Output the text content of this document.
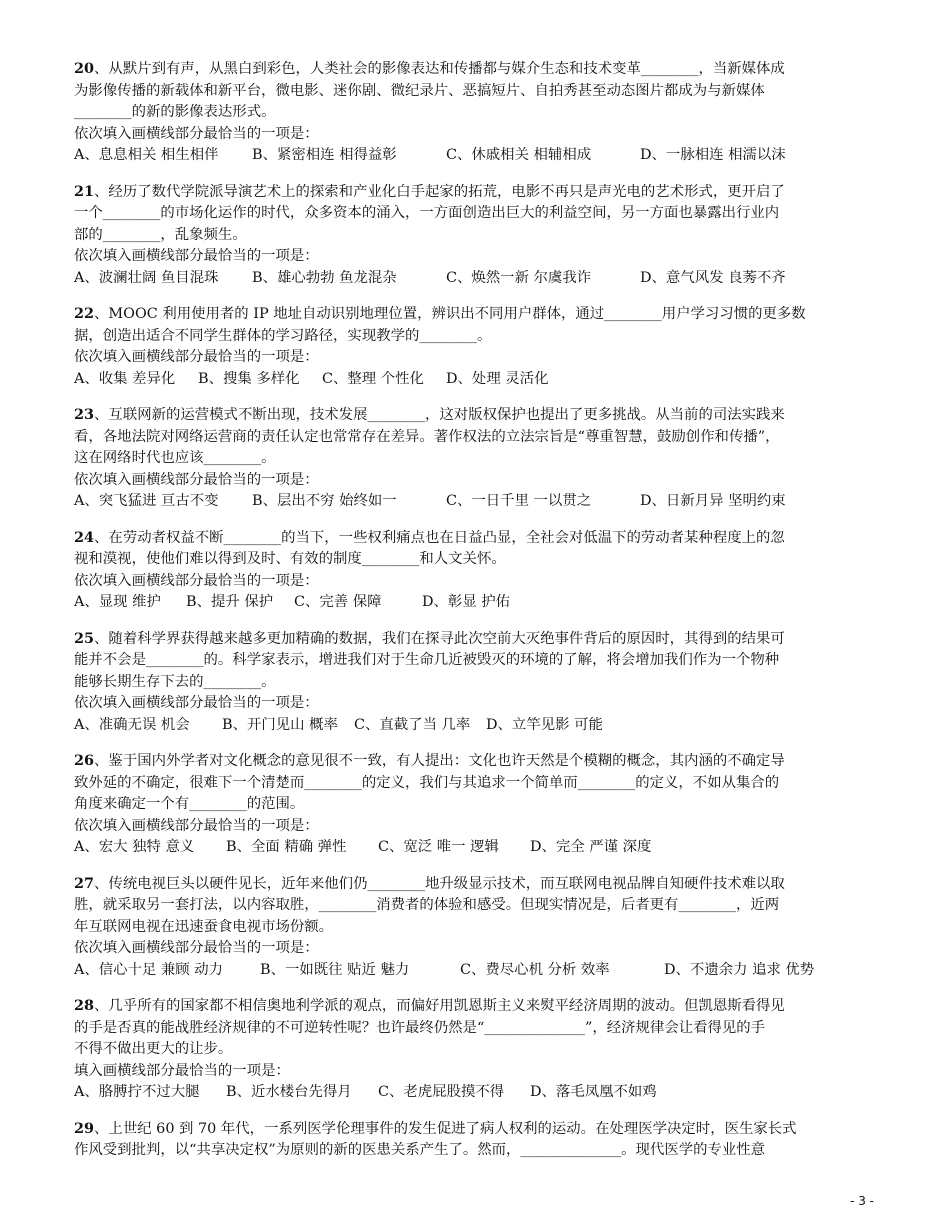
20、从默片到有声，从黑白到彩色，人类社会的影像表达和传播都与媒介生态和技术变革________，当新媒体成
为影像传播的新载体和新平台，微电影、迷你剧、微纪录片、恶搞短片、自拍秀甚至动态图片都成为与新媒体
________的新的影像表达形式。
依次填入画横线部分最恰当的一项是：
A、息息相关 相生相伴 B、紧密相连 相得益彰	C、休戚相关 相辅相成	D、一脉相连 相濡以沫
21、经历了数代学院派导演艺术上的探索和产业化白手起家的拓荒，电影不再只是声光电的艺术形式，更开启了
一个________的市场化运作的时代，众多资本的涌入，一方面创造出巨大的利益空间，另一方面也暴露出行业内
部的________，乱象频生。
依次填入画横线部分最恰当的一项是：
A、波澜壮阔 鱼目混珠 B、雄心勃勃 鱼龙混杂	C、焕然一新 尔虞我诈	D、意气风发 良莠不齐
22、MOOC 利用使用者的 IP 地址自动识别地理位置，辨识出不同用户群体，通过________用户学习习惯的更多数
据，创造出适合不同学生群体的学习路径，实现教学的________。
依次填入画横线部分最恰当的一项是：
A、收集 差异化 B、搜集 多样化 C、整理 个性化 D、处理 灵活化
23、互联网新的运营模式不断出现，技术发展________，这对版权保护也提出了更多挑战。从当前的司法实践来
看，各地法院对网络运营商的责任认定也常常存在差异。著作权法的立法宗旨是“尊重智慧，鼓励创作和传播”，
这在网络时代也应该________。
依次填入画横线部分最恰当的一项是：
A、突飞猛进 亘古不变 B、层出不穷 始终如一	C、一日千里 一以贯之	D、日新月异 坚明约束
24、在劳动者权益不断________的当下，一些权利痛点也在日益凸显，全社会对低温下的劳动者某种程度上的忽
视和漠视，使他们难以得到及时、有效的制度________和人文关怀。
依次填入画横线部分最恰当的一项是：
A、显现 维护 B、提升 保护 C、完善 保障	D、彰显 护佑
25、随着科学界获得越来越多更加精确的数据，我们在探寻此次空前大灭绝事件背后的原因时，其得到的结果可
能并不会是________的。科学家表示，增进我们对于生命几近被毁灭的环境的了解，将会增加我们作为一个物种
能够长期生存下去的________。
依次填入画横线部分最恰当的一项是：
A、准确无误 机会 B、开门见山 概率 C、直截了当 几率 D、立竿见影 可能
26、鉴于国内外学者对文化概念的意见很不一致，有人提出：文化也许天然是个模糊的概念，其内涵的不确定导
致外延的不确定，很难下一个清楚而________的定义，我们与其追求一个简单而________的定义，不如从集合的
角度来确定一个有________的范围。
依次填入画横线部分最恰当的一项是：
A、宏大 独特 意义 B、全面 精确 弹性 C、宽泛 唯一 逻辑 D、完全 严谨 深度
27、传统电视巨头以硬件见长，近年来他们仍________地升级显示技术，而互联网电视品牌自知硬件技术难以取
胜，就采取另一套打法，以内容取胜，________消费者的体验和感受。但现实情况是，后者更有________，近两
年互联网电视在迅速蚕食电视市场份额。
依次填入画横线部分最恰当的一项是：
A、信心十足 兼顾 动力	B、一如既往 贴近 魅力	C、费尽心机 分析 效率	D、不遗余力 追求 优势
28、几乎所有的国家都不相信奥地利学派的观点，而偏好用凯恩斯主义来熨平经济周期的波动。但凯恩斯看得见
的手是否真的能战胜经济规律的不可逆转性呢？也许最终仍然是“______________”，经济规律会让看得见的手
不得不做出更大的让步。
填入画横线部分最恰当的一项是：
A、胳膊拧不过大腿 B、近水楼台先得月 C、老虎屁股摸不得 D、落毛凤凰不如鸡
29、上世纪 60 到 70 年代，一系列医学伦理事件的发生促进了病人权利的运动。在处理医学决定时，医生家长式
作风受到批判，以“共享决定权”为原则的新的医患关系产生了。然而，______________。现代医学的专业性意
- 3 -
